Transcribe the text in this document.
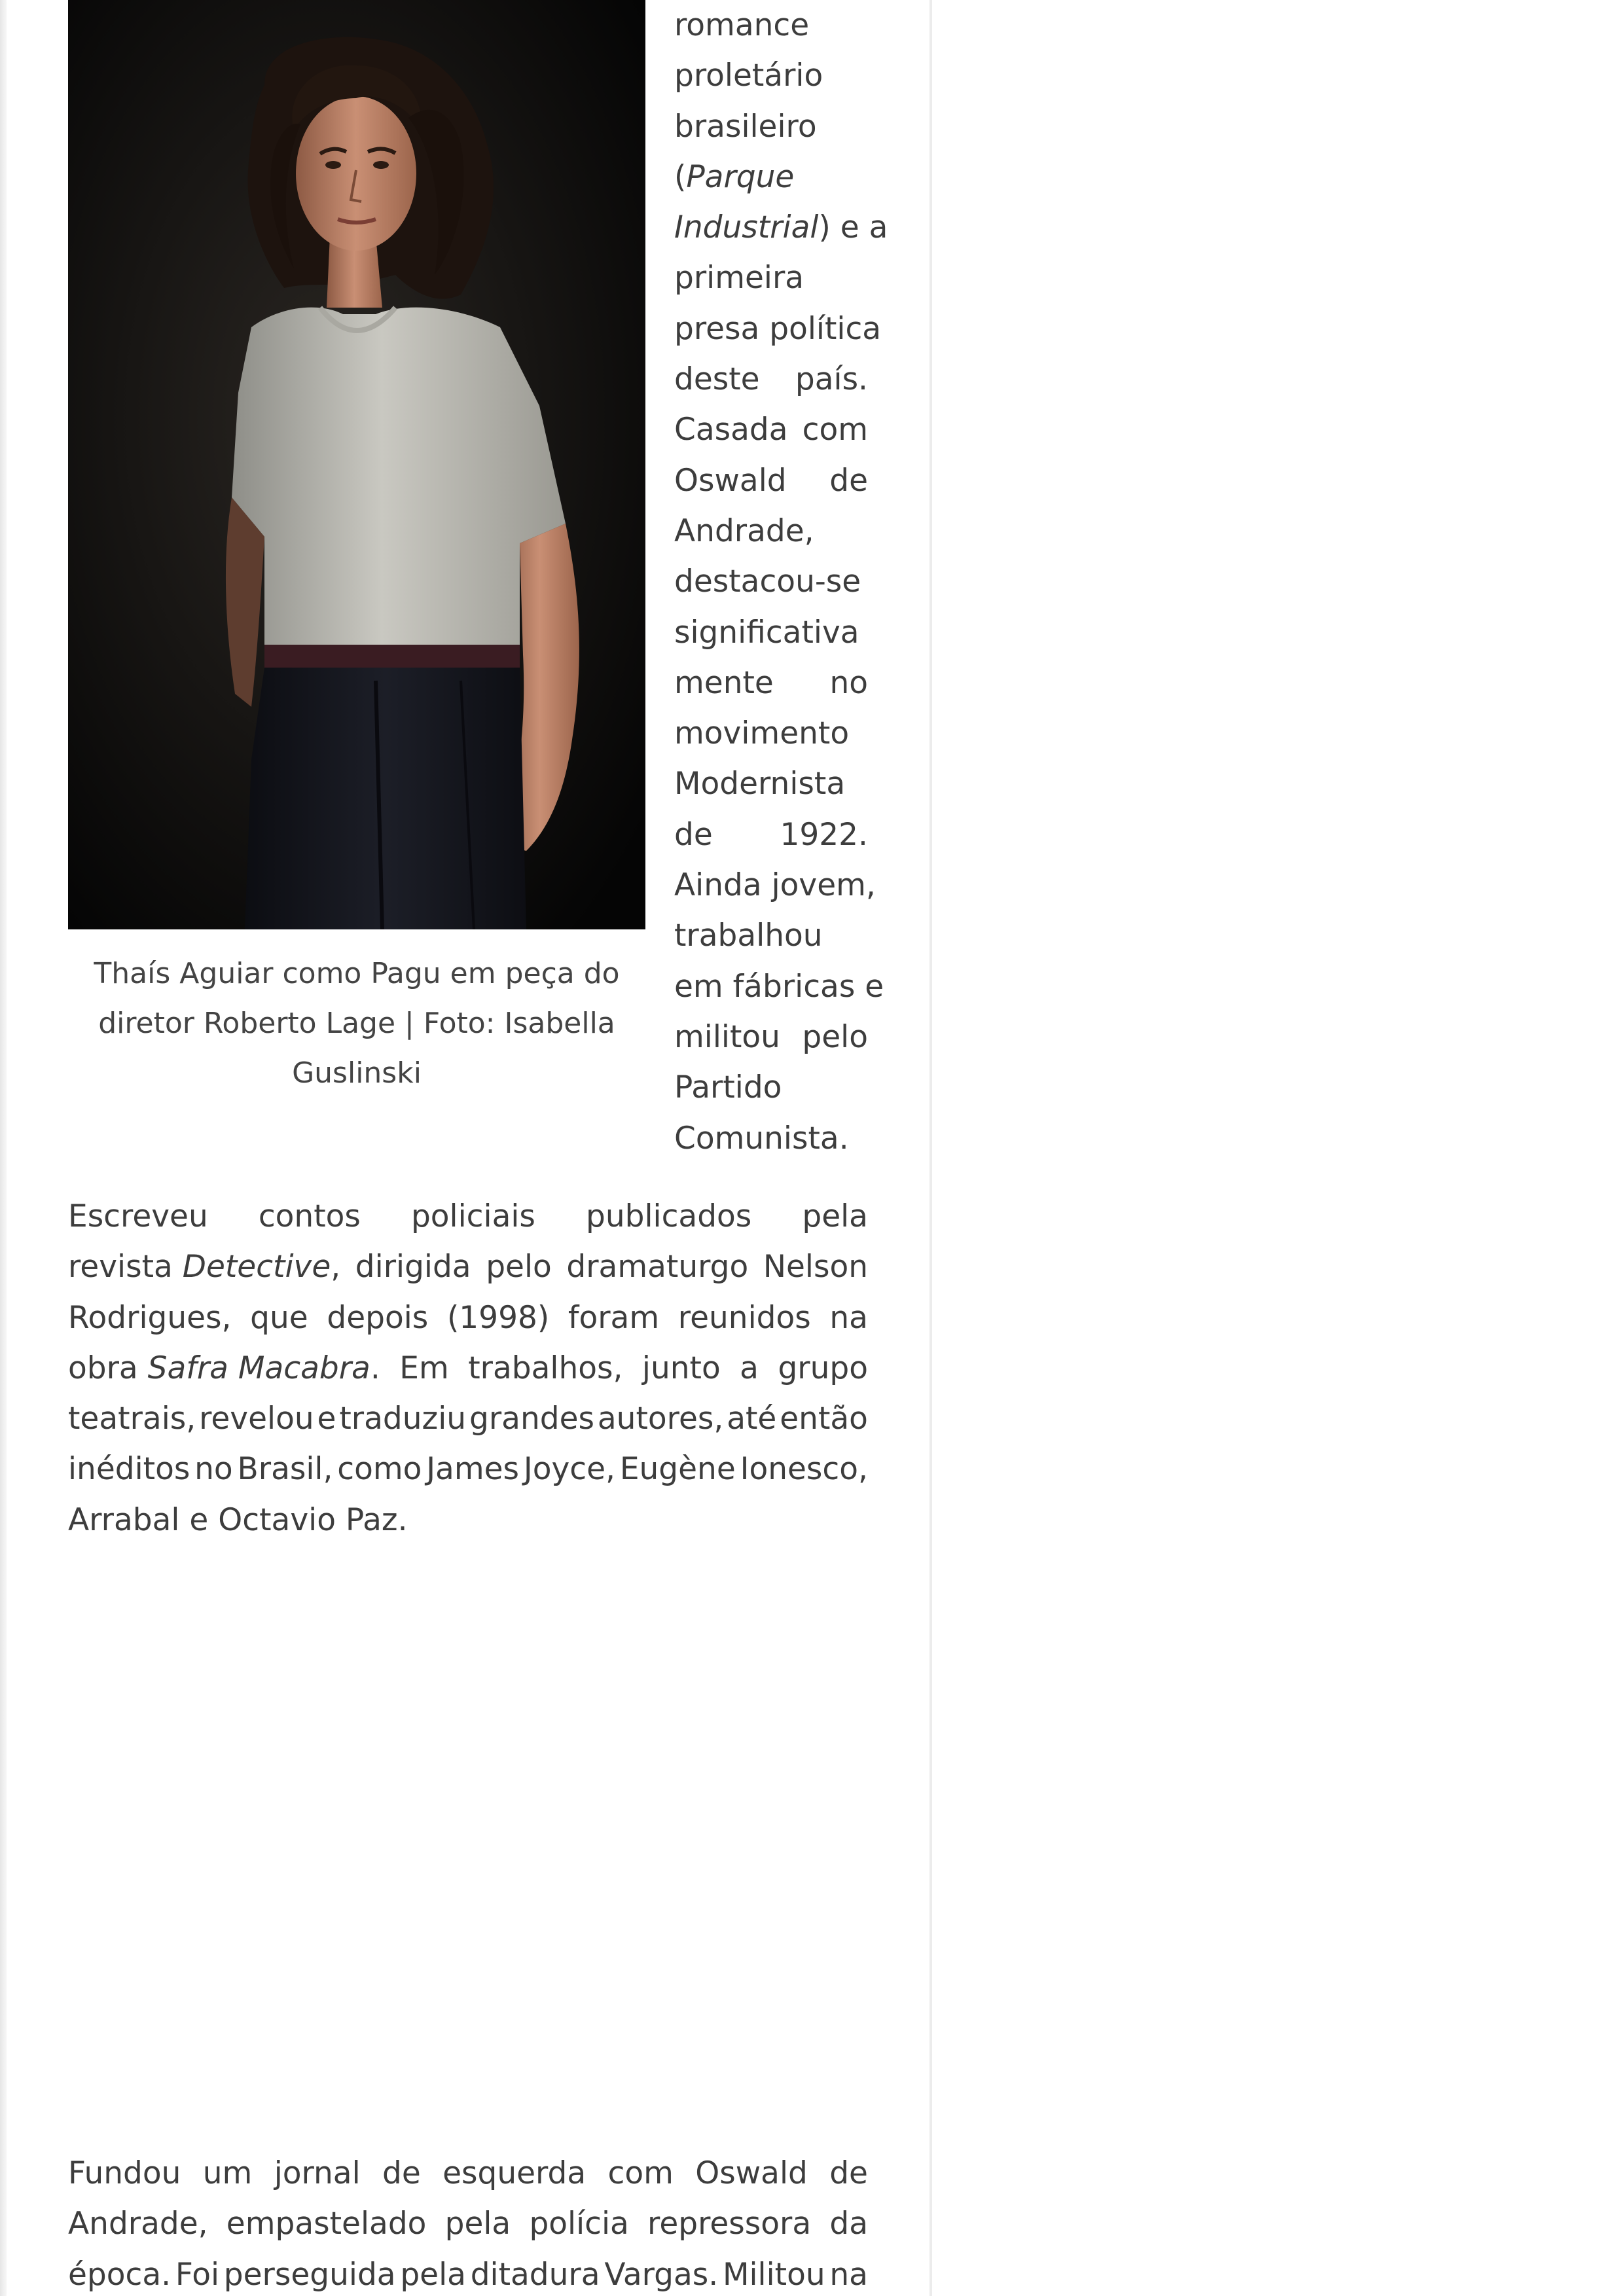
Thaís Aguiar como Pagu em peça do
diretor Roberto Lage | Foto: Isabella
Guslinski
romance
proletário
brasileiro
(Parque
Industrial) e a
primeira
presa política
deste país.
Casada com
Oswald de
Andrade,
destacou-se
significativa
mente no
movimento
Modernista
de 1922.
Ainda jovem,
trabalhou
em fábricas e
militou pelo
Partido
Comunista.
Escreveu contos policiais publicados pela
revista Detective , dirigida pelo dramaturgo Nelson
Rodrigues, que depois (1998) foram reunidos na
obra Safra Macabra . Em trabalhos, junto a grupo
teatrais, revelou e traduziu grandes autores, até então
inéditos no Brasil, como James Joyce, Eugène Ionesco,
Arrabal e Octavio Paz.
Fundou um jornal de esquerda com Oswald de
Andrade, empastelado pela polícia repressora da
época. Foi perseguida pela ditadura Vargas. Militou na
